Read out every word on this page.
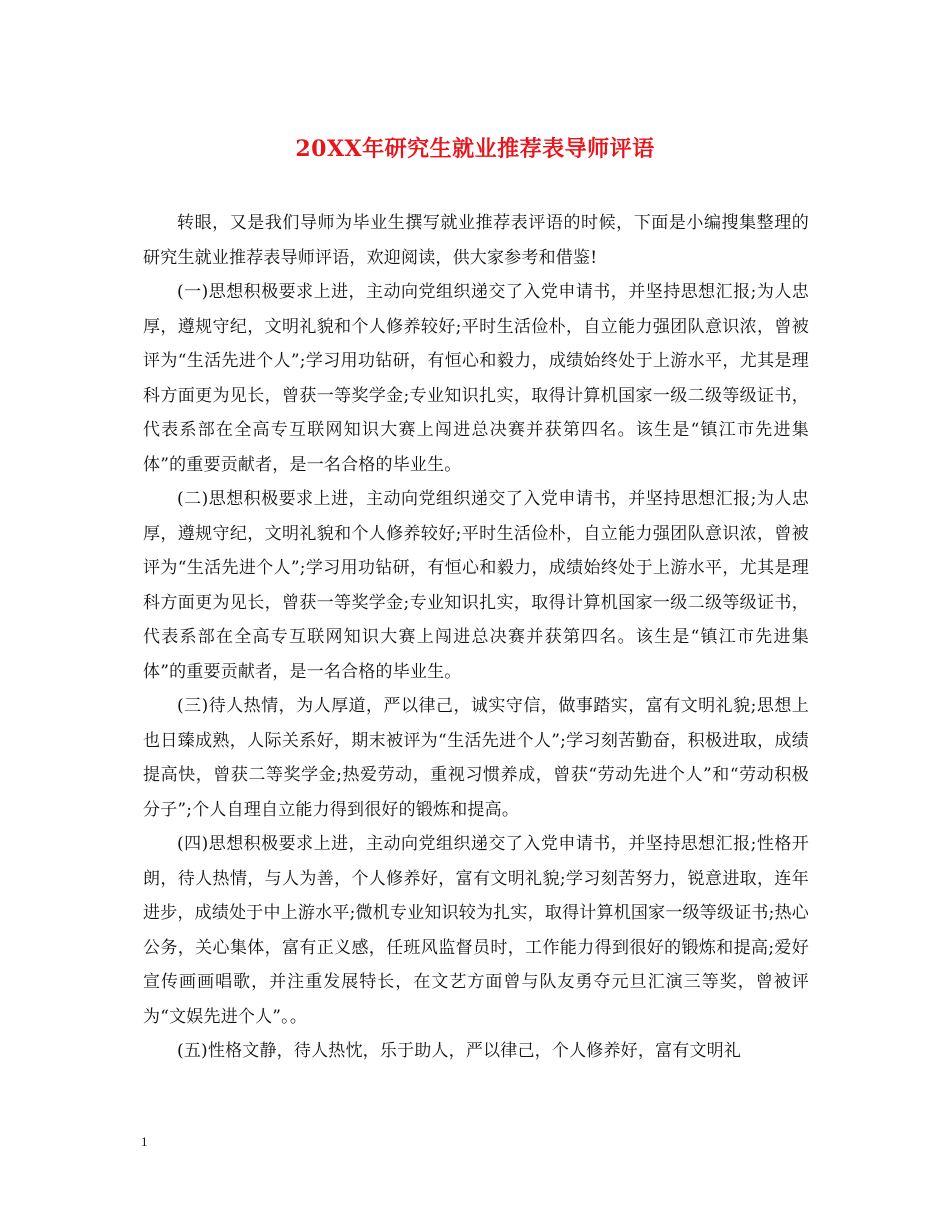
20XX年研究生就业推荐表导师评语

转眼，又是我们导师为毕业生撰写就业推荐表评语的时候，下面是小编搜集整理的研究生就业推荐表导师评语，欢迎阅读，供大家参考和借鉴!

(一)思想积极要求上进，主动向党组织递交了入党申请书，并坚持思想汇报;为人忠厚，遵规守纪，文明礼貌和个人修养较好;平时生活俭朴，自立能力强团队意识浓，曾被评为“生活先进个人”;学习用功钻研，有恒心和毅力，成绩始终处于上游水平，尤其是理科方面更为见长，曾获一等奖学金;专业知识扎实，取得计算机国家一级二级等级证书，代表系部在全高专互联网知识大赛上闯进总决赛并获第四名。该生是“镇江市先进集体”的重要贡献者，是一名合格的毕业生。

(二)思想积极要求上进，主动向党组织递交了入党申请书，并坚持思想汇报;为人忠厚，遵规守纪，文明礼貌和个人修养较好;平时生活俭朴，自立能力强团队意识浓，曾被评为“生活先进个人”;学习用功钻研，有恒心和毅力，成绩始终处于上游水平，尤其是理科方面更为见长，曾获一等奖学金;专业知识扎实，取得计算机国家一级二级等级证书，代表系部在全高专互联网知识大赛上闯进总决赛并获第四名。该生是“镇江市先进集体”的重要贡献者，是一名合格的毕业生。

(三)待人热情，为人厚道，严以律己，诚实守信，做事踏实，富有文明礼貌;思想上也日臻成熟，人际关系好，期末被评为“生活先进个人”;学习刻苦勤奋，积极进取，成绩提高快，曾获二等奖学金;热爱劳动，重视习惯养成，曾获“劳动先进个人”和“劳动积极分子”;个人自理自立能力得到很好的锻炼和提高。

(四)思想积极要求上进，主动向党组织递交了入党申请书，并坚持思想汇报;性格开朗，待人热情，与人为善，个人修养好，富有文明礼貌;学习刻苦努力，锐意进取，连年进步，成绩处于中上游水平;微机专业知识较为扎实，取得计算机国家一级等级证书;热心公务，关心集体，富有正义感，任班风监督员时，工作能力得到很好的锻炼和提高;爱好宣传画画唱歌，并注重发展特长，在文艺方面曾与队友勇夺元旦汇演三等奖，曾被评为“文娱先进个人”。。

(五)性格文静，待人热忱，乐于助人，严以律己，个人修养好，富有文明礼

1
